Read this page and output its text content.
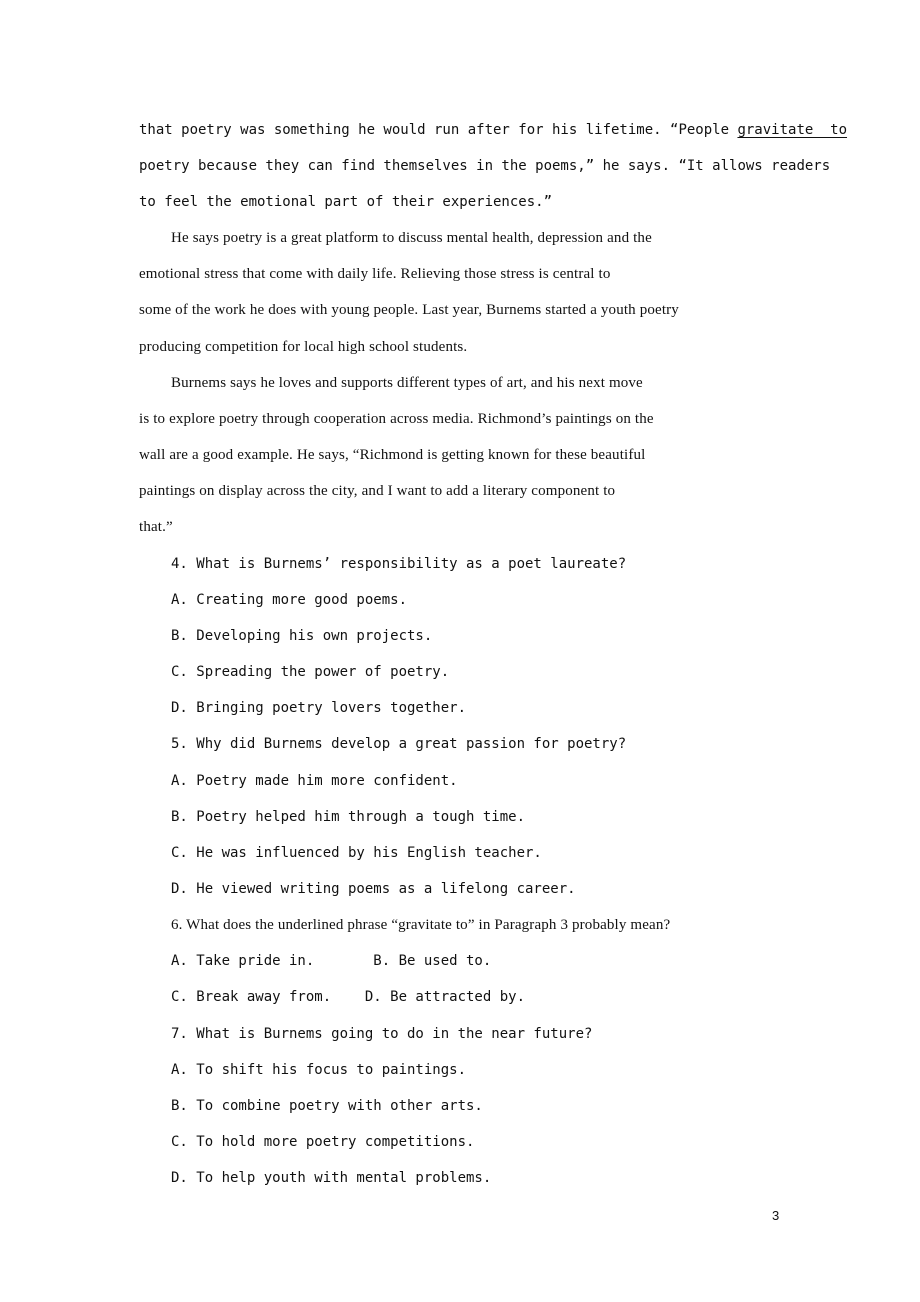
that poetry was something he would run after for his lifetime. “People gravitate  to
poetry because they can find themselves in the poems,” he says. “It allows readers
to feel the emotional part of their experiences.”
He says poetry is a great platform to discuss mental health, depression and the
emotional stress that come with daily life. Relieving those stress is central to
some of the work he does with young people. Last year, Burnems started a youth poetry
producing competition for local high school students.
Burnems says he loves and supports different types of art, and his next move
is to explore poetry through cooperation across media. Richmond’s paintings on the
wall are a good example. He says, “Richmond is getting known for these beautiful
paintings on display across the city, and I want to add a literary component to
that.”
4. What is Burnems’ responsibility as a poet laureate?
A. Creating more good poems.
B. Developing his own projects.
C. Spreading the power of poetry.
D. Bringing poetry lovers together.
5. Why did Burnems develop a great passion for poetry?
A. Poetry made him more confident.
B. Poetry helped him through a tough time.
C. He was influenced by his English teacher.
D. He viewed writing poems as a lifelong career.
6. What does the underlined phrase “gravitate to” in Paragraph 3 probably mean?
A. Take pride in.       B. Be used to.
C. Break away from.    D. Be attracted by.
7. What is Burnems going to do in the near future?
A. To shift his focus to paintings.
B. To combine poetry with other arts.
C. To hold more poetry competitions.
D. To help youth with mental problems.
3
